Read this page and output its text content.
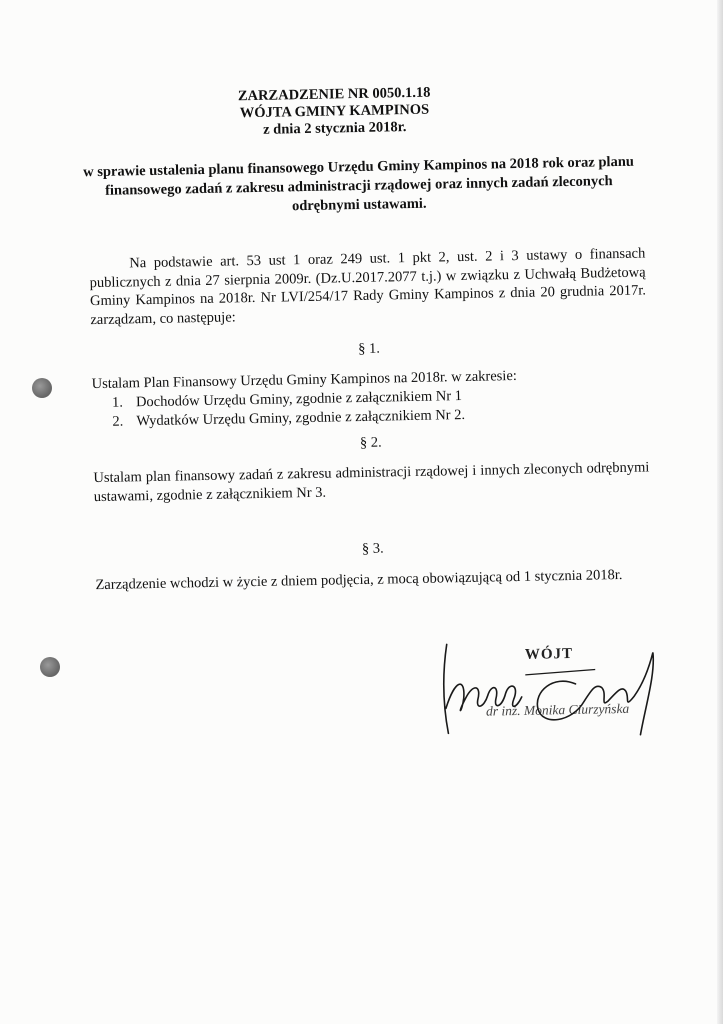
ZARZADZENIE NR 0050.1.18
WÓJTA GMINY KAMPINOS
z dnia 2 stycznia 2018r.
w sprawie ustalenia planu finansowego Urzędu Gminy Kampinos na 2018 rok oraz planu finansowego zadań z zakresu administracji rządowej oraz innych zadań zleconych odrębnymi ustawami.
Na podstawie art. 53 ust 1 oraz 249 ust. 1 pkt 2, ust. 2 i 3 ustawy o finansach publicznych z dnia 27 sierpnia 2009r. (Dz.U.2017.2077 t.j.) w związku z Uchwałą Budżetową Gminy Kampinos na 2018r. Nr LVI/254/17 Rady Gminy Kampinos z dnia 20 grudnia 2017r. zarządzam, co następuje:
§ 1.
Ustalam Plan Finansowy Urzędu Gminy Kampinos na 2018r. w zakresie:
1. Dochodów Urzędu Gminy, zgodnie z załącznikiem Nr 1
2. Wydatków Urzędu Gminy, zgodnie z załącznikiem Nr 2.
§ 2.
Ustalam plan finansowy zadań z zakresu administracji rządowej i innych zleconych odrębnymi ustawami, zgodnie z załącznikiem Nr 3.
§ 3.
Zarządzenie wchodzi w życie z dniem podjęcia, z mocą obowiązującą od 1 stycznia 2018r.
WÓJT
dr inż. Monika Ciurzyńska
